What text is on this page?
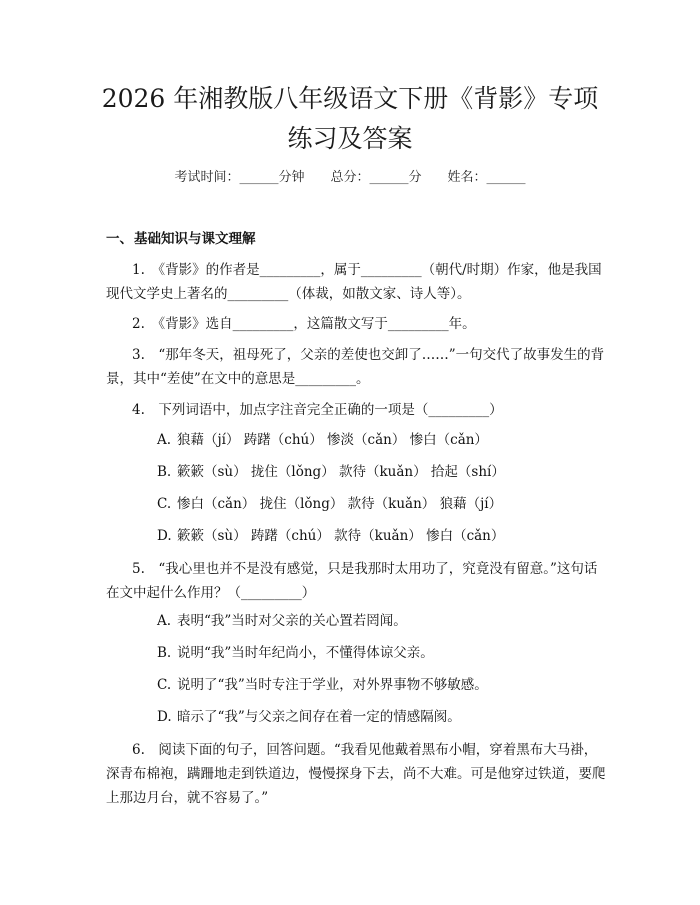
2026 年湘教版八年级语文下册《背影》专项
练习及答案
考试时间：______分钟 总分：______分 姓名：______
一、基础知识与课文理解
1.　《背影》的作者是_________，属于_________（朝代/时期）作家，他是我国现代文学史上著名的_________（体裁，如散文家、诗人等）。
2.　《背影》选自_________，这篇散文写于_________年。
3.　“那年冬天，祖母死了，父亲的差使也交卸了……”一句交代了故事发生的背景，其中“差使”在文中的意思是_________。
4.　下列词语中，加点字注音完全正确的一项是（_________）
A. 狼藉（jí） 踌躇（chú） 惨淡（cǎn） 惨白（cǎn）
B. 簌簌（sù） 拢住（lǒng） 款待（kuǎn） 拾起（shí）
C. 惨白（cǎn） 拢住（lǒng） 款待（kuǎn） 狼藉（jí）
D. 簌簌（sù） 踌躇（chú） 款待（kuǎn） 惨白（cǎn）
5.　“我心里也并不是没有感觉，只是我那时太用功了，究竟没有留意。”这句话在文中起什么作用？（_________）
A. 表明“我”当时对父亲的关心置若罔闻。
B. 说明“我”当时年纪尚小，不懂得体谅父亲。
C. 说明了“我”当时专注于学业，对外界事物不够敏感。
D. 暗示了“我”与父亲之间存在着一定的情感隔阂。
6.　阅读下面的句子，回答问题。“我看见他戴着黑布小帽，穿着黑布大马褂，深青布棉袍，蹒跚地走到铁道边，慢慢探身下去，尚不大难。可是他穿过铁道，要爬上那边月台，就不容易了。”
